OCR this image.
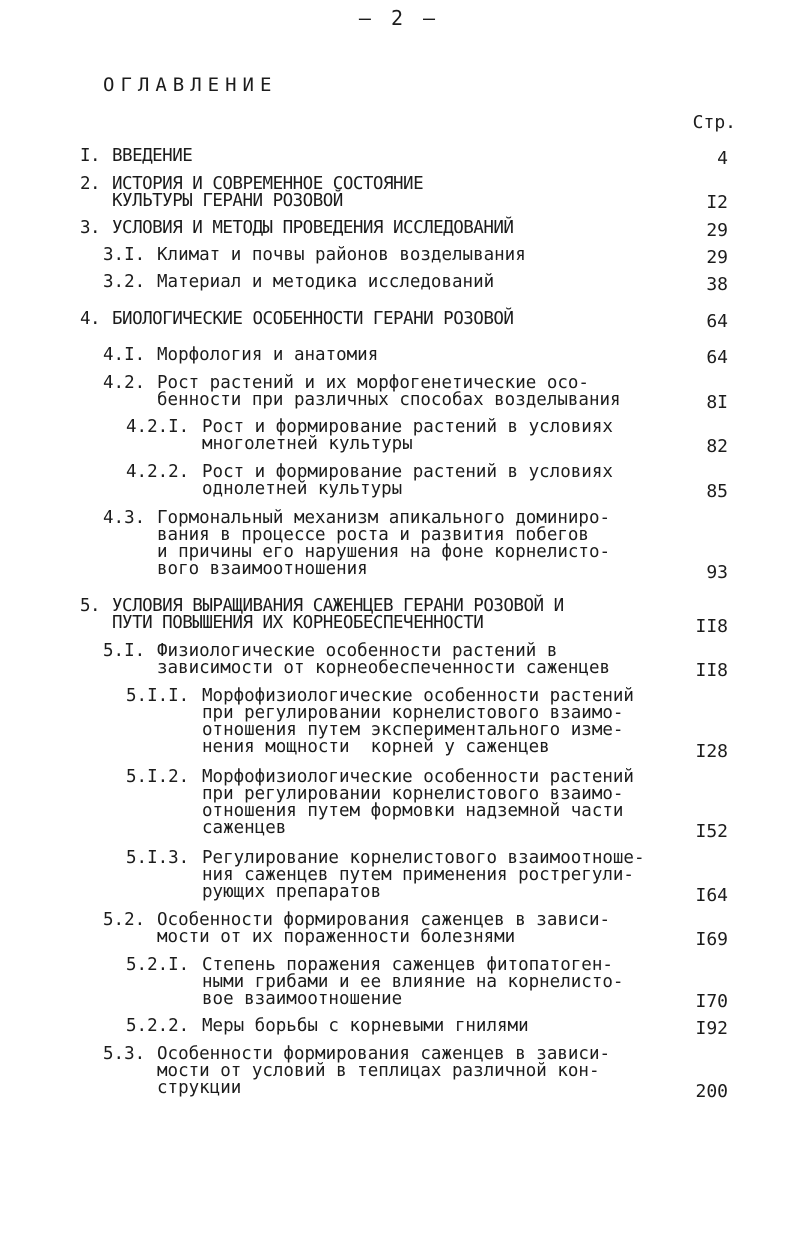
– 2 –
ОГЛАВЛЕНИЕ
Стр.
I. ВВЕДЕНИЕ	4
2. ИСТОРИЯ И СОВРЕМЕННОЕ СОСТОЯНИЕ
КУЛЬТУРЫ ГЕРАНИ РОЗОВОЙ	I2
3. УСЛОВИЯ И МЕТОДЫ ПРОВЕДЕНИЯ ИССЛЕДОВАНИЙ	29
3.I. Климат и почвы районов возделывания	29
3.2. Материал и методика исследований	38
4. БИОЛОГИЧЕСКИЕ ОСОБЕННОСТИ ГЕРАНИ РОЗОВОЙ	64
4.I. Морфология и анатомия	64
4.2. Рост растений и их морфогенетические осо-
бенности при различных способах возделывания	8I
4.2.I. Рост и формирование растений в условиях
многолетней культуры	82
4.2.2. Рост и формирование растений в условиях
однолетней культуры	85
4.3. Гормональный механизм апикального доминиро-
вания в процессе роста и развития побегов
и причины его нарушения на фоне корнелисто-
вого взаимоотношения	93
5. УСЛОВИЯ ВЫРАЩИВАНИЯ САЖЕНЦЕВ ГЕРАНИ РОЗОВОЙ И
ПУТИ ПОВЫШЕНИЯ ИХ КОРНЕОБЕСПЕЧЕННОСТИ	II8
5.I. Физиологические особенности растений в
зависимости от корнеобеспеченности саженцев	II8
5.I.I. Морфофизиологические особенности растений
при регулировании корнелистового взаимо-
отношения путем экспериментального изме-
нения мощности  корней у саженцев	I28
5.I.2. Морфофизиологические особенности растений
при регулировании корнелистового взаимо-
отношения путем формовки надземной части
саженцев	I52
5.I.3. Регулирование корнелистового взаимоотноше-
ния саженцев путем применения рострегули-
рующих препаратов	I64
5.2. Особенности формирования саженцев в зависи-
мости от их пораженности болезнями	I69
5.2.I. Степень поражения саженцев фитопатоген-
ными грибами и ее влияние на корнелисто-
вое взаимоотношение	I70
5.2.2. Меры борьбы с корневыми гнилями	I92
5.3. Особенности формирования саженцев в зависи-
мости от условий в теплицах различной кон-
струкции	200
